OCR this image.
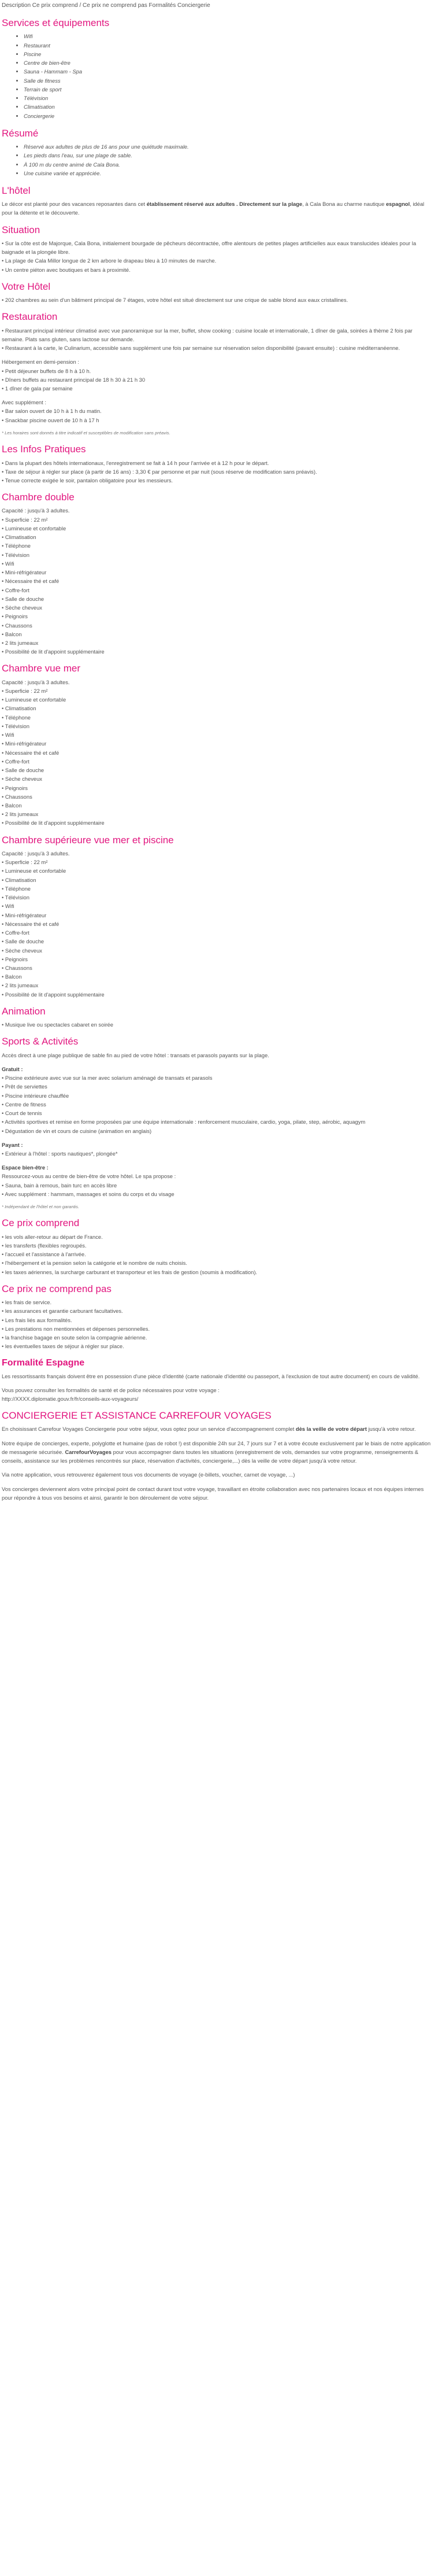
Description Ce prix comprend / Ce prix ne comprend pas Formalités Conciergerie

Services et équipements
• Wifi
• Restaurant
• Piscine
• Centre de bien-être
• Sauna - Hammam - Spa
• Salle de fitness
• Terrain de sport
• Télévision
• Climatisation
• Conciergerie
Résumé
• Réservé aux adultes de plus de 16 ans pour une quiétude maximale.
• Les pieds dans l'eau, sur une plage de sable.
• À 100 m du centre animé de Cala Bona.
• Une cuisine variée et appréciée.
L'hôtel

Le décor est planté pour des vacances reposantes dans cet établissement réservé aux adultes . Directement sur la plage, à Cala Bona au charme nautique espagnol, idéal pour la détente et le découverte.

Situation
• Sur la côte est de Majorque, Cala Bona, initialement bourgade de pêcheurs décontractée, offre alentours de petites plages artificielles aux eaux translucides idéales pour la baignade et la plongée libre.
• La plage de Cala Millor longue de 2 km arbore le drapeau bleu à 10 minutes de marche.
• Un centre piéton avec boutiques et bars à proximité.
Votre Hôtel

• 202 chambres au sein d'un bâtiment principal de 7 étages, votre hôtel est situé directement sur une crique de sable blond aux eaux cristallines.

Restauration
• Restaurant principal intérieur climatisé avec vue panoramique sur la mer, buffet, show cooking : cuisine locale et internationale, 1 dîner de gala, soirées à thème 2 fois par semaine. Plats sans gluten, sans lactose sur demande.
• Restaurant à la carte, le Culinarium, accessible sans supplément une fois par semaine sur réservation selon disponibilité (pavant ensuite) : cuisine méditerranéenne.
Hébergement en demi-pension :
• Petit déjeuner buffets de 8 h à 10 h.
• Dîners buffets au restaurant principal de 18 h 30 à 21 h 30
• 1 dîner de gala par semaine
Avec supplément :
• Bar salon ouvert de 10 h à 1 h du matin.
• Snackbar piscine ouvert de 10 h à 17 h
* Les horaires sont donnés à titre indicatif et susceptibles de modification sans préavis.
Les Infos Pratiques
• Dans la plupart des hôtels internationaux, l'enregistrement se fait à 14 h pour l'arrivée et à 12 h pour le départ.
• Taxe de séjour à régler sur place (à partir de 16 ans) : 3,30 € par personne et par nuit (sous réserve de modification sans préavis).
• Tenue correcte exigée le soir, pantalon obligatoire pour les messieurs.
Chambre double
Capacité : jusqu'à 3 adultes.
• Superficie : 22 m²
• Lumineuse et confortable
• Climatisation
• Téléphone
• Télévision
• Wifi
• Mini-réfrigérateur
• Nécessaire thé et café
• Coffre-fort
• Salle de douche
• Sèche cheveux
• Peignoirs
• Chaussons
• Balcon
• 2 lits jumeaux
• Possibilité de lit d'appoint supplémentaire
Chambre vue mer
Capacité : jusqu'à 3 adultes.
• Superficie : 22 m²
• Lumineuse et confortable
• Climatisation
• Téléphone
• Télévision
• Wifi
• Mini-réfrigérateur
• Nécessaire thé et café
• Coffre-fort
• Salle de douche
• Sèche cheveux
• Peignoirs
• Chaussons
• Balcon
• 2 lits jumeaux
• Possibilité de lit d'appoint supplémentaire
Chambre supérieure vue mer et piscine
Capacité : jusqu'à 3 adultes.
• Superficie : 22 m²
• Lumineuse et confortable
• Climatisation
• Téléphone
• Télévision
• Wifi
• Mini-réfrigérateur
• Nécessaire thé et café
• Coffre-fort
• Salle de douche
• Sèche cheveux
• Peignoirs
• Chaussons
• Balcon
• 2 lits jumeaux
• Possibilité de lit d'appoint supplémentaire
Animation

• Musique live ou spectacles cabaret en soirée

Sports & Activités

Accès direct à une plage publique de sable fin au pied de votre hôtel : transats et parasols payants sur la plage.

Gratuit :
• Piscine extérieure avec vue sur la mer avec solarium aménagé de transats et parasols
• Prêt de serviettes
• Piscine intérieure chauffée
• Centre de fitness
• Court de tennis
• Activités sportives et remise en forme proposées par une équipe internationale : renforcement musculaire, cardio, yoga, pilate, step, aérobic, aquagym
• Dégustation de vin et cours de cuisine (animation en anglais)
Payant :
• Extérieur à l'hôtel : sports nautiques*, plongée*
Espace bien-être :
Ressourcez-vous au centre de bien-être de votre hôtel. Le spa propose :
• Sauna, bain à remous, bain turc en accès libre
• Avec supplément : hammam, massages et soins du corps et du visage
* Indépendant de l'hôtel et non garantis.
Ce prix comprend
• les vols aller-retour au départ de France.
• les transferts (flexibles regroupés.
• l'accueil et l'assistance à l'arrivée.
• l'hébergement et la pension selon la catégorie et le nombre de nuits choisis.
• les taxes aériennes, la surcharge carburant et transporteur et les frais de gestion (soumis à modification).
Ce prix ne comprend pas
• les frais de service.
• les assurances et garantie carburant facultatives.
• Les frais liés aux formalités.
• Les prestations non mentionnées et dépenses personnelles.
• la franchise bagage en soute selon la compagnie aérienne.
• les éventuelles taxes de séjour à régler sur place.
Formalité Espagne

Les ressortissants français doivent être en possession d'une pièce d'identité (carte nationale d'identité ou passeport, à l'exclusion de tout autre document) en cours de validité.

Vous pouvez consulter les formalités de santé et de police nécessaires pour votre voyage :
http://XXXX.diplomatie.gouv.fr/fr/conseils-aux-voyageurs/
CONCIERGERIE ET ASSISTANCE CARREFOUR VOYAGES

En choisissant Carrefour Voyages Conciergerie pour votre séjour, vous optez pour un service d'accompagnement complet dès la veille de votre départ jusqu'à votre retour.

Notre équipe de concierges, experte, polyglotte et humaine (pas de robot !) est disponible 24h sur 24, 7 jours sur 7 et à votre écoute exclusivement par le biais de notre application de messagerie sécurisée. CarrefourVoyages pour vous accompagner dans toutes les situations (enregistrement de vols, demandes sur votre programme, renseignements & conseils, assistance sur les problèmes rencontrés sur place, réservation d'activités, conciergerie,...) dès la veille de votre départ jusqu'à votre retour.

Via notre application, vous retrouverez également tous vos documents de voyage (e-billets, voucher, carnet de voyage, ...)

Vos concierges deviennent alors votre principal point de contact durant tout votre voyage, travaillant en étroite collaboration avec nos partenaires locaux et nos équipes internes pour répondre à tous vos besoins et ainsi, garantir le bon déroulement de votre séjour.
